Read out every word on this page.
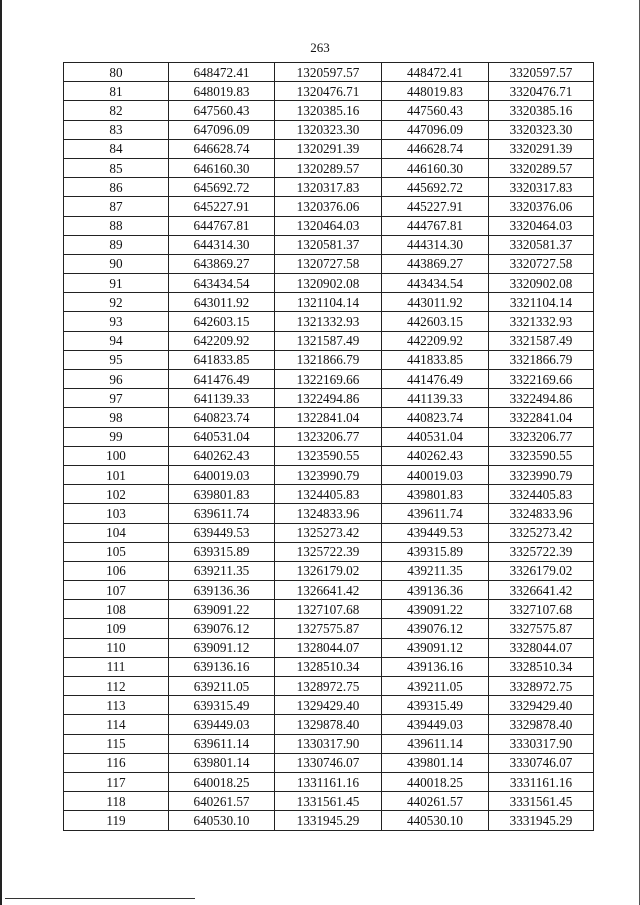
263
80	648472.41	1320597.57	448472.41	3320597.57
81	648019.83	1320476.71	448019.83	3320476.71
82	647560.43	1320385.16	447560.43	3320385.16
83	647096.09	1320323.30	447096.09	3320323.30
84	646628.74	1320291.39	446628.74	3320291.39
85	646160.30	1320289.57	446160.30	3320289.57
86	645692.72	1320317.83	445692.72	3320317.83
87	645227.91	1320376.06	445227.91	3320376.06
88	644767.81	1320464.03	444767.81	3320464.03
89	644314.30	1320581.37	444314.30	3320581.37
90	643869.27	1320727.58	443869.27	3320727.58
91	643434.54	1320902.08	443434.54	3320902.08
92	643011.92	1321104.14	443011.92	3321104.14
93	642603.15	1321332.93	442603.15	3321332.93
94	642209.92	1321587.49	442209.92	3321587.49
95	641833.85	1321866.79	441833.85	3321866.79
96	641476.49	1322169.66	441476.49	3322169.66
97	641139.33	1322494.86	441139.33	3322494.86
98	640823.74	1322841.04	440823.74	3322841.04
99	640531.04	1323206.77	440531.04	3323206.77
100	640262.43	1323590.55	440262.43	3323590.55
101	640019.03	1323990.79	440019.03	3323990.79
102	639801.83	1324405.83	439801.83	3324405.83
103	639611.74	1324833.96	439611.74	3324833.96
104	639449.53	1325273.42	439449.53	3325273.42
105	639315.89	1325722.39	439315.89	3325722.39
106	639211.35	1326179.02	439211.35	3326179.02
107	639136.36	1326641.42	439136.36	3326641.42
108	639091.22	1327107.68	439091.22	3327107.68
109	639076.12	1327575.87	439076.12	3327575.87
110	639091.12	1328044.07	439091.12	3328044.07
111	639136.16	1328510.34	439136.16	3328510.34
112	639211.05	1328972.75	439211.05	3328972.75
113	639315.49	1329429.40	439315.49	3329429.40
114	639449.03	1329878.40	439449.03	3329878.40
115	639611.14	1330317.90	439611.14	3330317.90
116	639801.14	1330746.07	439801.14	3330746.07
117	640018.25	1331161.16	440018.25	3331161.16
118	640261.57	1331561.45	440261.57	3331561.45
119	640530.10	1331945.29	440530.10	3331945.29
